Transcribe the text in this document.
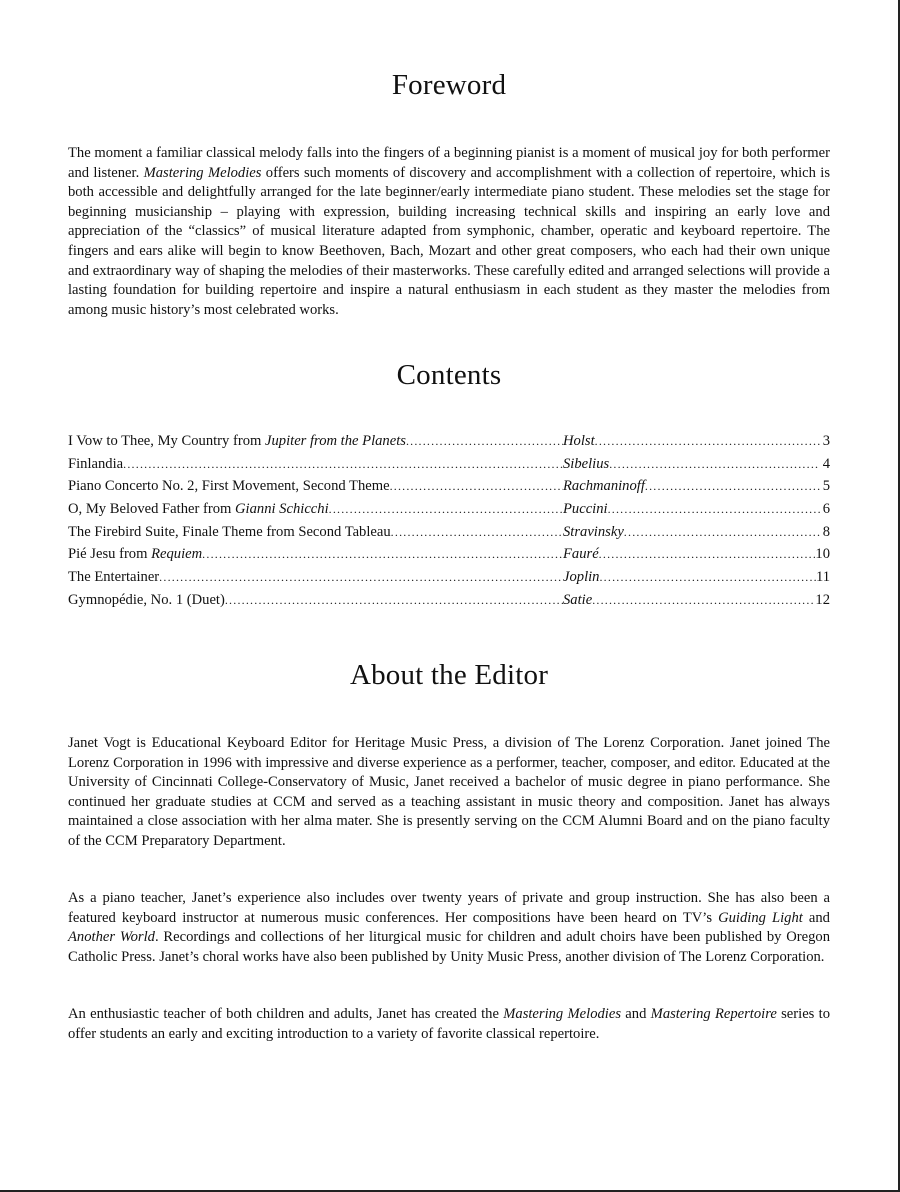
Foreword

The moment a familiar classical melody falls into the fingers of a beginning pianist is a moment of musical joy for both performer and listener. Mastering Melodies offers such moments of discovery and accomplishment with a collection of repertoire, which is both accessible and delightfully arranged for the late beginner/early intermediate piano student. These melodies set the stage for beginning musicianship – playing with expression, building increasing technical skills and inspiring an early love and appreciation of the “classics” of musical literature adapted from symphonic, chamber, operatic and keyboard repertoire. The fingers and ears alike will begin to know Beethoven, Bach, Mozart and other great composers, who each had their own unique and extraordinary way of shaping the melodies of their masterworks. These carefully edited and arranged selections will provide a lasting foundation for building repertoire and inspire a natural enthusiasm in each student as they master the melodies from among music history’s most celebrated works.

Contents
I Vow to Thee, My Country from Jupiter from the Planets .....	Holst .....	3
Finlandia .....	Sibelius .....	4
Piano Concerto No. 2, First Movement, Second Theme .....	Rachmaninoff .....	5
O, My Beloved Father from Gianni Schicchi .....	Puccini .....	6
The Firebird Suite, Finale Theme from Second Tableau .....	Stravinsky .....	8
Pié Jesu from Requiem .....	Fauré .....	10
The Entertainer .....	Joplin .....	11
Gymnopédie, No. 1 (Duet) .....	Satie .....	12
About the Editor

Janet Vogt is Educational Keyboard Editor for Heritage Music Press, a division of The Lorenz Corporation. Janet joined The Lorenz Corporation in 1996 with impressive and diverse experience as a performer, teacher, composer, and editor. Educated at the University of Cincinnati College-Conservatory of Music, Janet received a bachelor of music degree in piano performance. She continued her graduate studies at CCM and served as a teaching assistant in music theory and composition. Janet has always maintained a close association with her alma mater. She is presently serving on the CCM Alumni Board and on the piano faculty of the CCM Preparatory Department.

As a piano teacher, Janet’s experience also includes over twenty years of private and group instruction. She has also been a featured keyboard instructor at numerous music conferences. Her compositions have been heard on TV’s Guiding Light and Another World. Recordings and collections of her liturgical music for children and adult choirs have been published by Oregon Catholic Press. Janet’s choral works have also been published by Unity Music Press, another division of The Lorenz Corporation.

An enthusiastic teacher of both children and adults, Janet has created the Mastering Melodies and Mastering Repertoire series to offer students an early and exciting introduction to a variety of favorite classical repertoire.
